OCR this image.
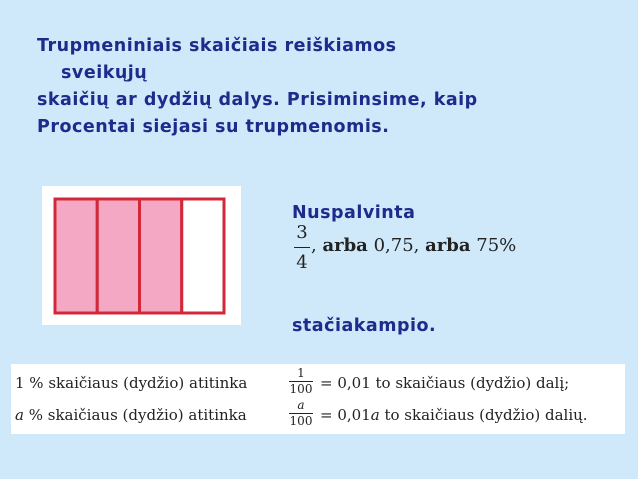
Trupmeniniais skaičiais reiškiamos
sveikųjų
skaičių ar dydžių dalys. Prisiminsime, kaip
Procentai siejasi su trupmenomis.
Nuspalvinta
3
4
, arba 0,75, arba 75%
stačiakampio.
1 % skaičiaus (dydžio) atitinka
1
100 = 0,01 to skaičiaus (dydžio) dalį;
a % skaičiaus (dydžio) atitinka
a
100 = 0,01a to skaičiaus (dydžio) dalių.
